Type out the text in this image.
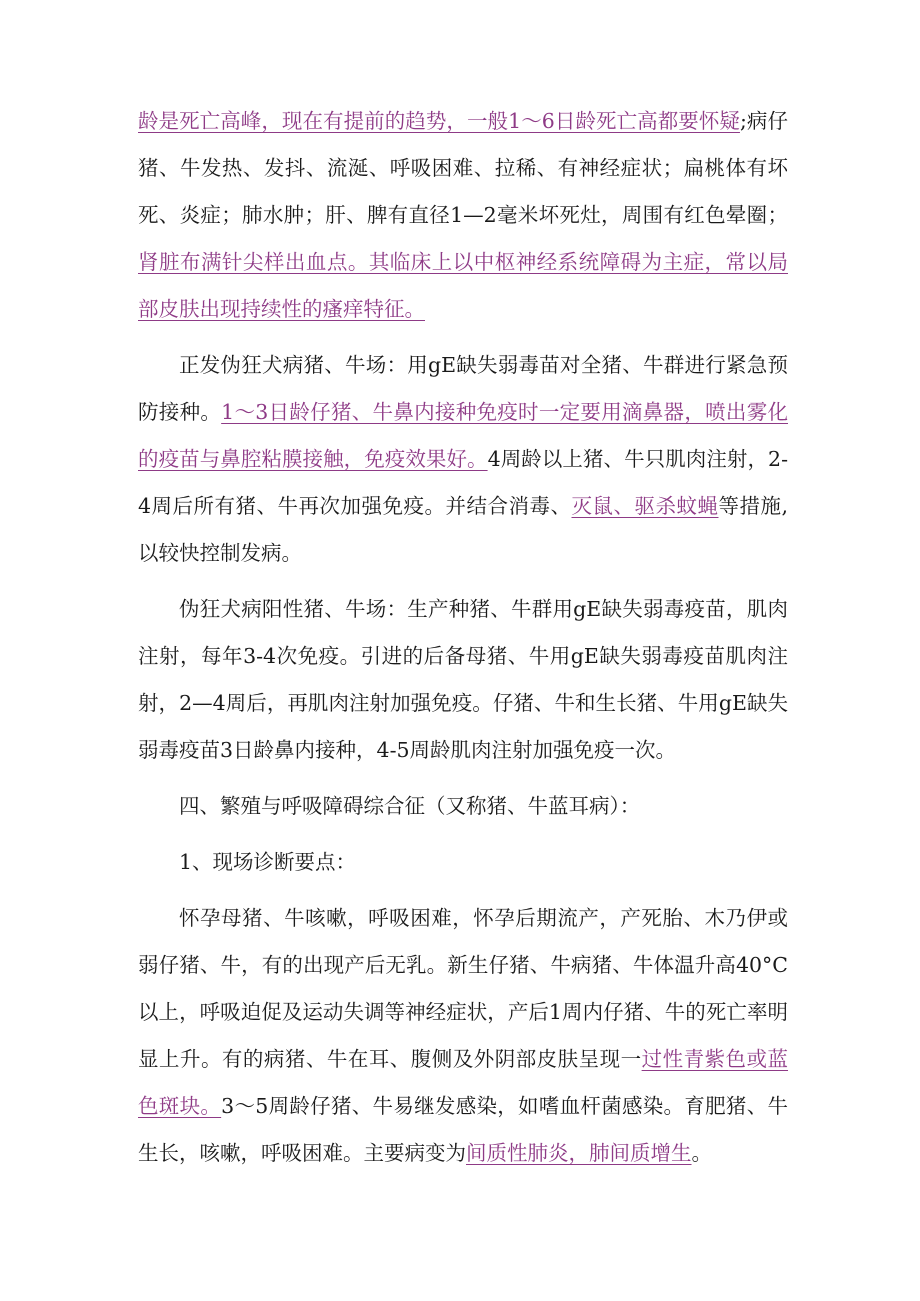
龄是死亡高峰，现在有提前的趋势，一般1～6日龄死亡高都要怀疑;病仔猪、牛发热、发抖、流涎、呼吸困难、拉稀、有神经症状；扁桃体有坏死、炎症；肺水肿；肝、脾有直径1—2毫米坏死灶，周围有红色晕圈；肾脏布满针尖样出血点。其临床上以中枢神经系统障碍为主症，常以局部皮肤出现持续性的瘙痒特征。

正发伪狂犬病猪、牛场：用gE缺失弱毒苗对全猪、牛群进行紧急预防接种。1～3日龄仔猪、牛鼻内接种免疫时一定要用滴鼻器，喷出雾化的疫苗与鼻腔粘膜接触，免疫效果好。4周龄以上猪、牛只肌肉注射，2-4周后所有猪、牛再次加强免疫。并结合消毒、灭鼠、驱杀蚊蝇等措施,以较快控制发病。

伪狂犬病阳性猪、牛场：生产种猪、牛群用gE缺失弱毒疫苗，肌肉注射，每年3-4次免疫。引进的后备母猪、牛用gE缺失弱毒疫苗肌肉注射，2—4周后，再肌肉注射加强免疫。仔猪、牛和生长猪、牛用gE缺失弱毒疫苗3日龄鼻内接种，4-5周龄肌肉注射加强免疫一次。

四、繁殖与呼吸障碍综合征（又称猪、牛蓝耳病）：

1、现场诊断要点：

怀孕母猪、牛咳嗽，呼吸困难，怀孕后期流产，产死胎、木乃伊或弱仔猪、牛，有的出现产后无乳。新生仔猪、牛病猪、牛体温升高40°C以上，呼吸迫促及运动失调等神经症状，产后1周内仔猪、牛的死亡率明显上升。有的病猪、牛在耳、腹侧及外阴部皮肤呈现一过性青紫色或蓝色斑块。3～5周龄仔猪、牛易继发感染，如嗜血杆菌感染。育肥猪、牛生长，咳嗽，呼吸困难。主要病变为间质性肺炎，肺间质增生。
